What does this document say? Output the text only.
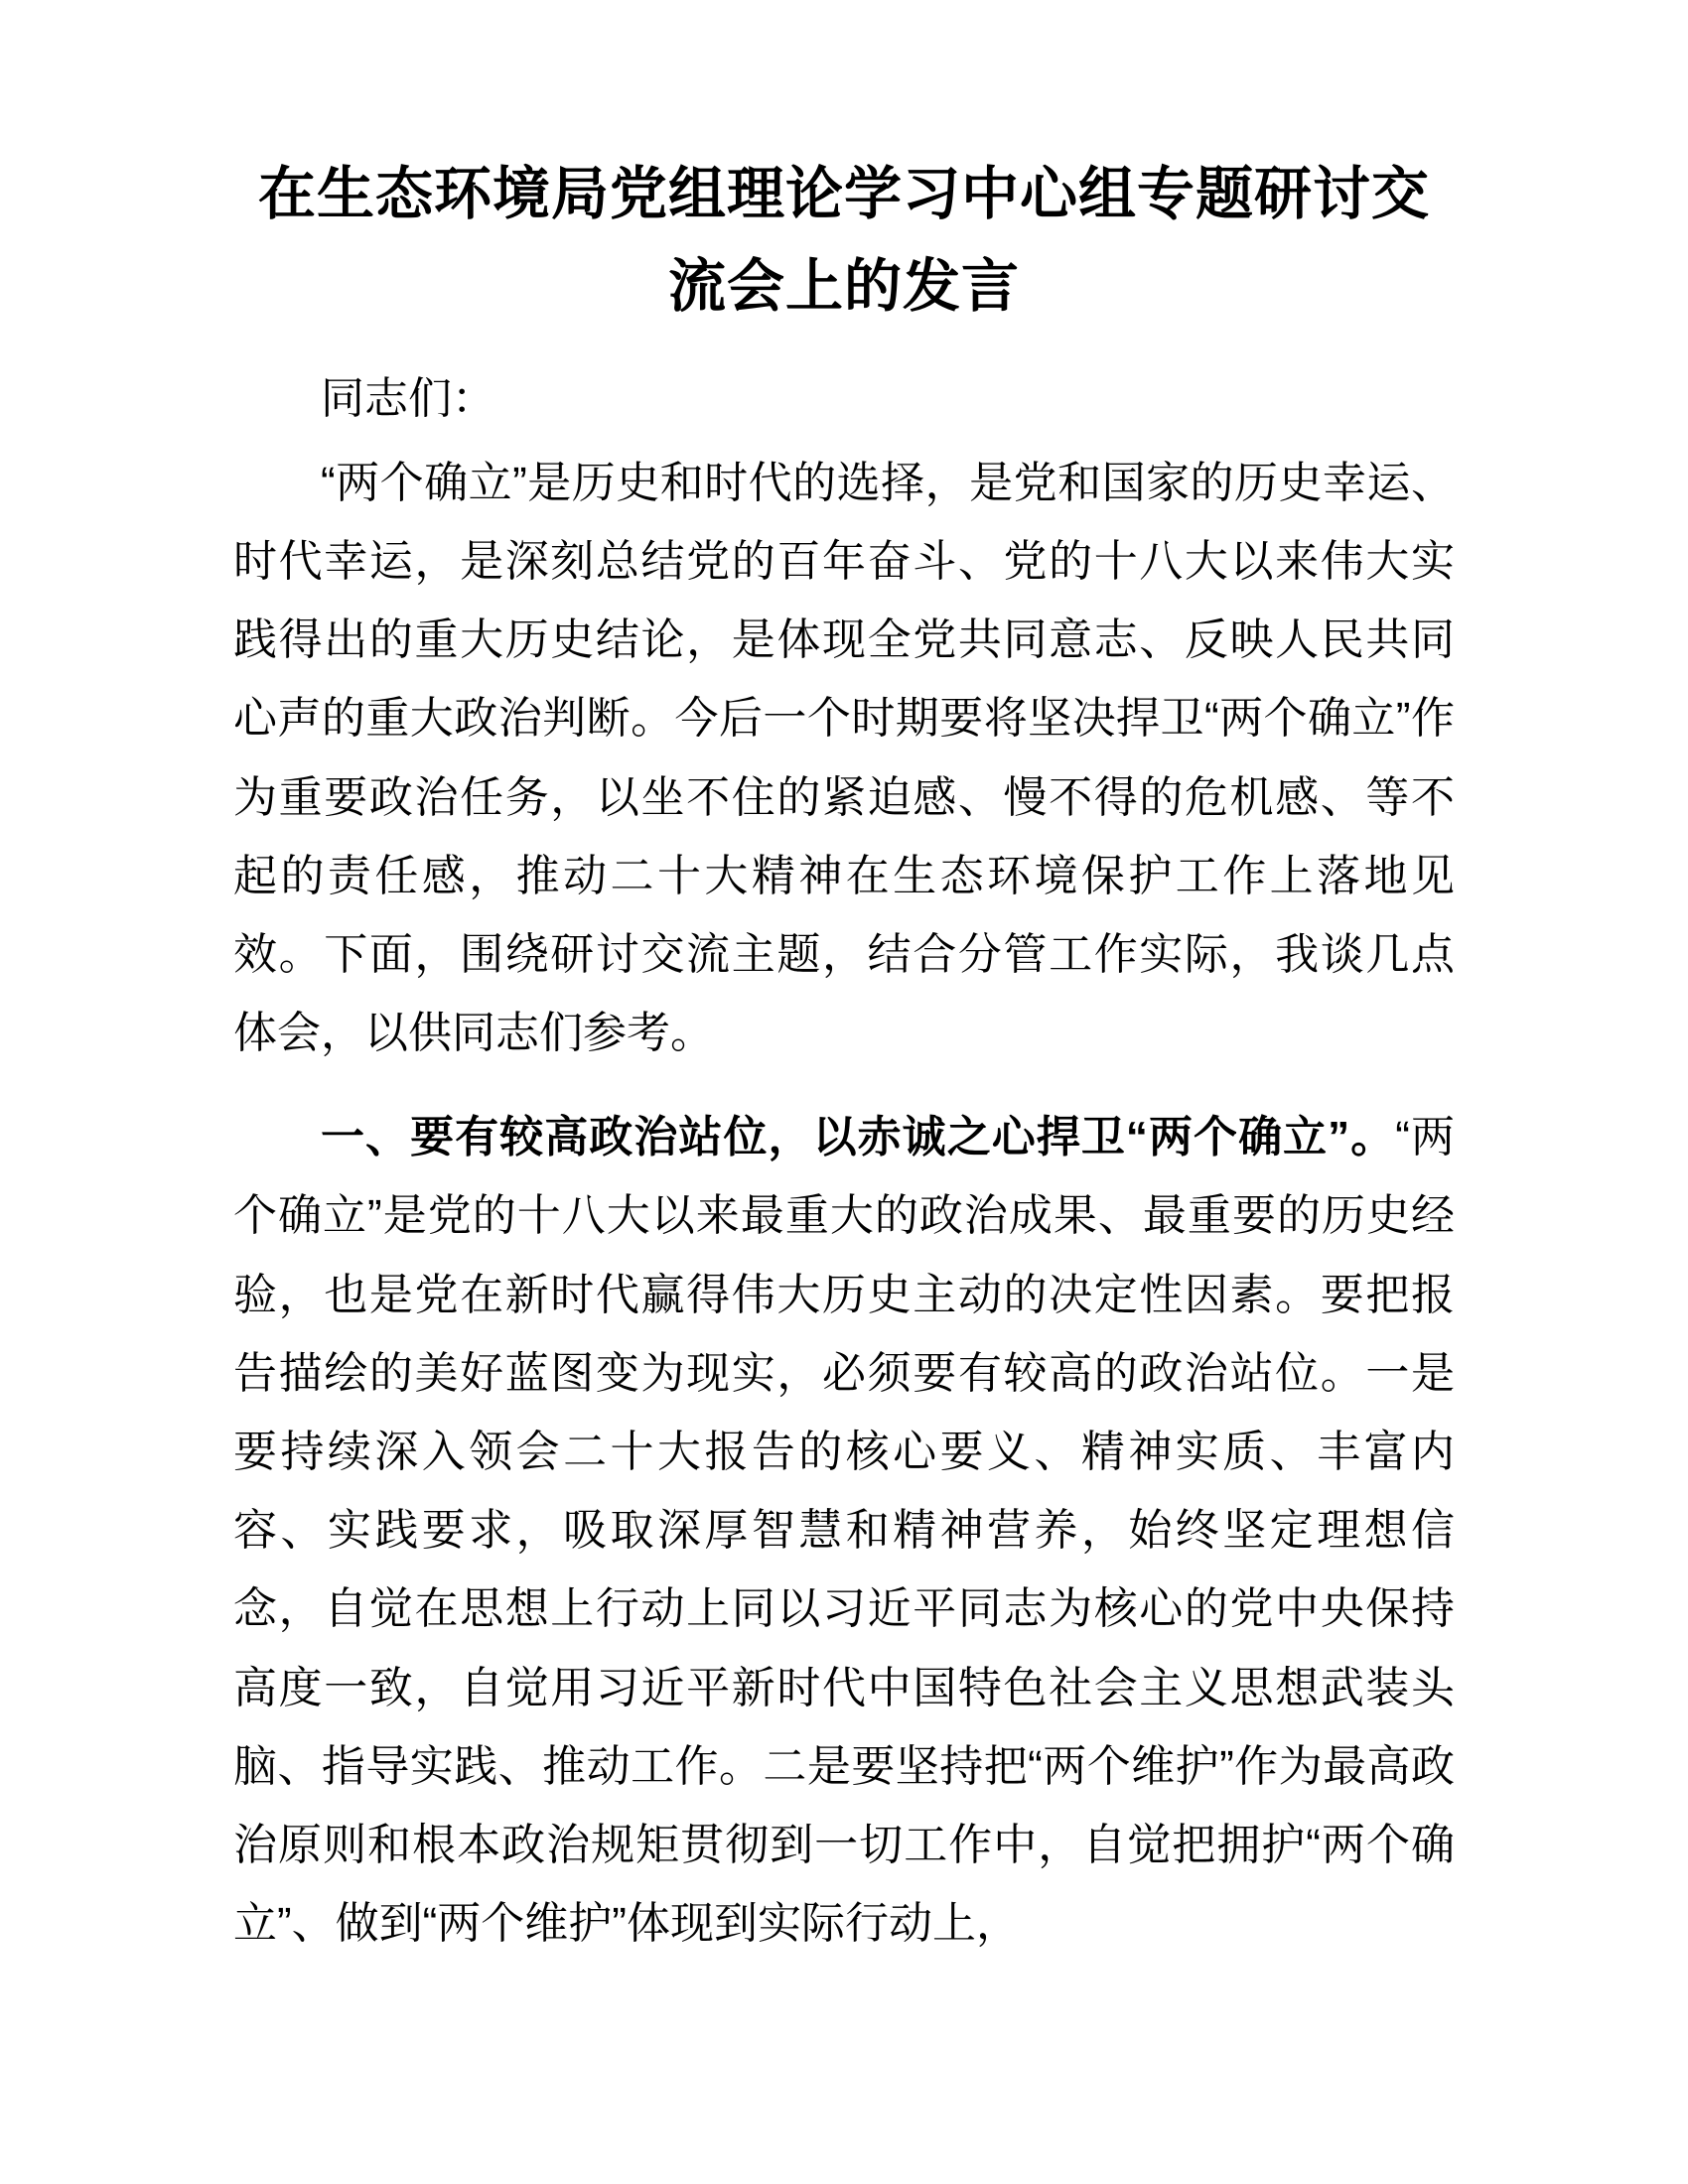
在生态环境局党组理论学习中心组专题研讨交流会上的发言

同志们：

“两个确立”是历史和时代的选择，是党和国家的历史幸运、时代幸运，是深刻总结党的百年奋斗、党的十八大以来伟大实践得出的重大历史结论，是体现全党共同意志、反映人民共同心声的重大政治判断。今后一个时期要将坚决捍卫“两个确立”作为重要政治任务，以坐不住的紧迫感、慢不得的危机感、等不起的责任感，推动二十大精神在生态环境保护工作上落地见效。下面，围绕研讨交流主题，结合分管工作实际，我谈几点体会，以供同志们参考。

一、要有较高政治站位，以赤诚之心捍卫“两个确立”。“两个确立”是党的十八大以来最重大的政治成果、最重要的历史经验，也是党在新时代赢得伟大历史主动的决定性因素。要把报告描绘的美好蓝图变为现实，必须要有较高的政治站位。一是要持续深入领会二十大报告的核心要义、精神实质、丰富内容、实践要求，吸取深厚智慧和精神营养，始终坚定理想信念，自觉在思想上行动上同以习近平同志为核心的党中央保持高度一致，自觉用习近平新时代中国特色社会主义思想武装头脑、指导实践、推动工作。二是要坚持把“两个维护”作为最高政治原则和根本政治规矩贯彻到一切工作中，自觉把拥护“两个确立”、做到“两个维护”体现到实际行动上，
